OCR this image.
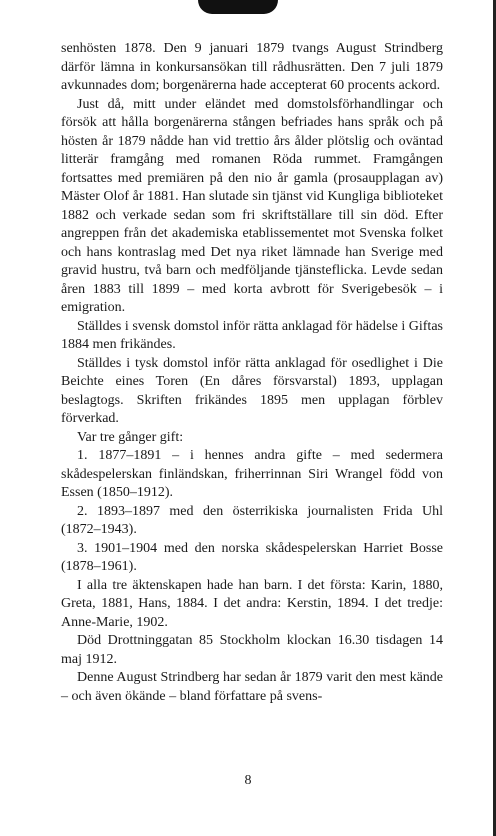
senhösten 1878. Den 9 januari 1879 tvangs August Strindberg därför lämna in konkursansökan till rådhusrätten. Den 7 juli 1879 avkunnades dom; borgenärerna hade accepterat 60 procents ackord.

Just då, mitt under eländet med domstolsförhandlingar och försök att hålla borgenärerna stången befriades hans språk och på hösten år 1879 nådde han vid trettio års ålder plötslig och oväntad litterär framgång med romanen Röda rummet. Framgången fortsattes med premiären på den nio år gamla (prosaupplagan av) Mäster Olof år 1881. Han slutade sin tjänst vid Kungliga biblioteket 1882 och verkade sedan som fri skriftställare till sin död. Efter angreppen från det akademiska etablissementet mot Svenska folket och hans kontraslag med Det nya riket lämnade han Sverige med gravid hustru, två barn och medföljande tjänsteflicka. Levde sedan åren 1883 till 1899 – med korta avbrott för Sverigebesök – i emigration.

Ställdes i svensk domstol inför rätta anklagad för hädelse i Giftas 1884 men frikändes.

Ställdes i tysk domstol inför rätta anklagad för osedlighet i Die Beichte eines Toren (En dåres försvarstal) 1893, upplagan beslagtogs. Skriften frikändes 1895 men upplagan förblev förverkad.

Var tre gånger gift:

1. 1877–1891 – i hennes andra gifte – med sedermera skådespelerskan finländskan, friherrinnan Siri Wrangel född von Essen (1850–1912).

2. 1893–1897 med den österrikiska journalisten Frida Uhl (1872–1943).

3. 1901–1904 med den norska skådespelerskan Harriet Bosse (1878–1961).

I alla tre äktenskapen hade han barn. I det första: Karin, 1880, Greta, 1881, Hans, 1884. I det andra: Kerstin, 1894. I det tredje: Anne-Marie, 1902.

Död Drottninggatan 85 Stockholm klockan 16.30 tisdagen 14 maj 1912.

Denne August Strindberg har sedan år 1879 varit den mest kände – och även ökände – bland författare på svens-

8
